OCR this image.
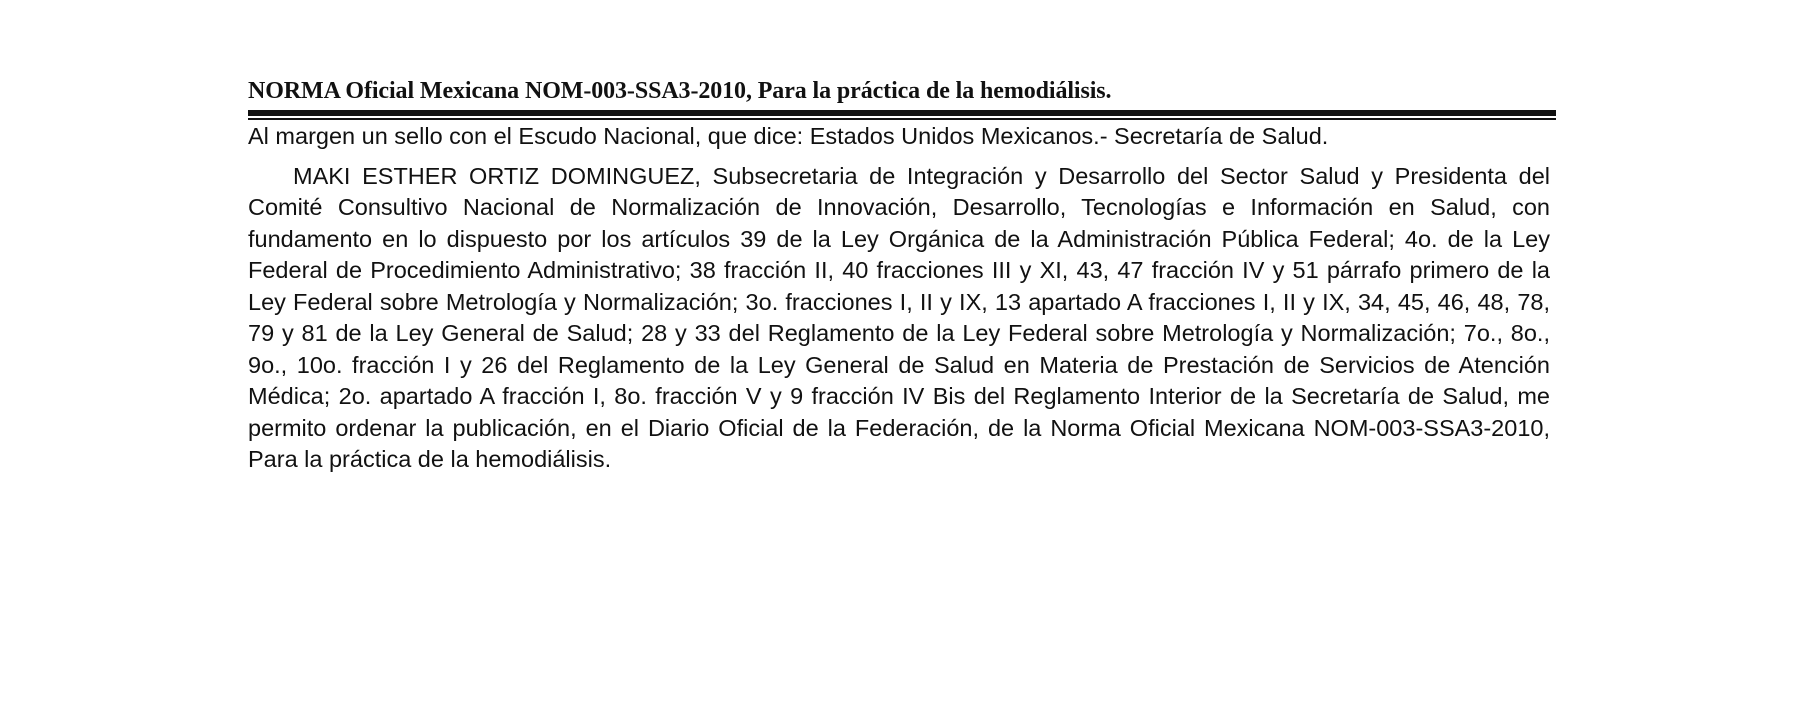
NORMA Oficial Mexicana NOM-003-SSA3-2010, Para la práctica de la hemodiálisis.

Al margen un sello con el Escudo Nacional, que dice: Estados Unidos Mexicanos.- Secretaría de Salud.

MAKI ESTHER ORTIZ DOMINGUEZ, Subsecretaria de Integración y Desarrollo del Sector Salud y Presidenta del Comité Consultivo Nacional de Normalización de Innovación, Desarrollo, Tecnologías e Información en Salud, con fundamento en lo dispuesto por los artículos 39 de la Ley Orgánica de la Administración Pública Federal; 4o. de la Ley Federal de Procedimiento Administrativo; 38 fracción II, 40 fracciones III y XI, 43, 47 fracción IV y 51 párrafo primero de la Ley Federal sobre Metrología y Normalización; 3o. fracciones I, II y IX, 13 apartado A fracciones I, II y IX, 34, 45, 46, 48, 78, 79 y 81 de la Ley General de Salud; 28 y 33 del Reglamento de la Ley Federal sobre Metrología y Normalización; 7o., 8o., 9o., 10o. fracción I y 26 del Reglamento de la Ley General de Salud en Materia de Prestación de Servicios de Atención Médica; 2o. apartado A fracción I, 8o. fracción V y 9 fracción IV Bis del Reglamento Interior de la Secretaría de Salud, me permito ordenar la publicación, en el Diario Oficial de la Federación, de la Norma Oficial Mexicana NOM-003-SSA3-2010, Para la práctica de la hemodiálisis.
